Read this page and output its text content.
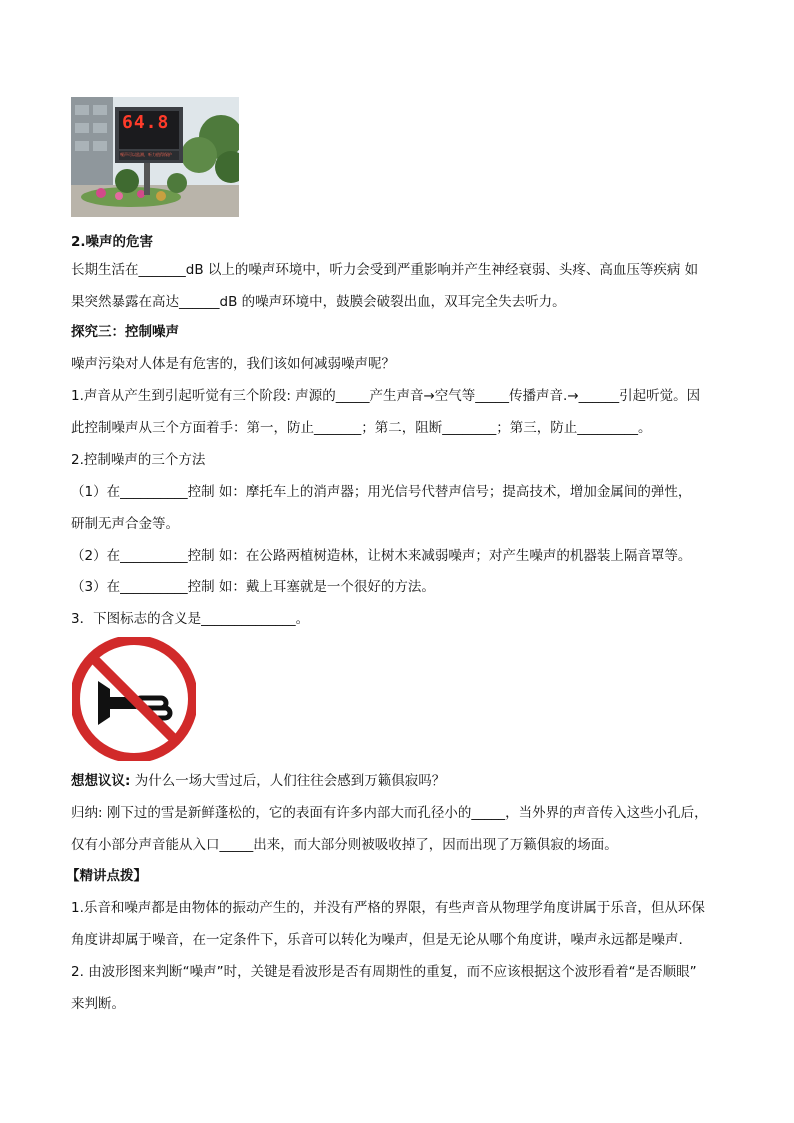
64.8
噪声可以监测，听力值得保护
2.噪声的危害
长期生活在_______dB 以上的噪声环境中，听力会受到严重影响并产生神经衰弱、头疼、高血压等疾病 如
果突然暴露在高达______dB 的噪声环境中，鼓膜会破裂出血，双耳完全失去听力。
探究三：控制噪声
噪声污染对人体是有危害的，我们该如何减弱噪声呢？
1.声音从产生到引起听觉有三个阶段: 声源的_____产生声音→空气等_____传播声音.→______引起听觉。因
此控制噪声从三个方面着手：第一，防止_______；第二，阻断________；第三，防止_________。
2.控制噪声的三个方法
（1）在__________控制 如：摩托车上的消声器；用光信号代替声信号；提高技术，增加金属间的弹性，
研制无声合金等。
（2）在__________控制 如：在公路两植树造林，让树木来减弱噪声；对产生噪声的机器装上隔音罩等。
（3）在__________控制 如：戴上耳塞就是一个很好的方法。
3．下图标志的含义是______________。
想想议议: 为什么一场大雪过后，人们往往会感到万籁俱寂吗？
归纳: 刚下过的雪是新鲜蓬松的，它的表面有许多内部大而孔径小的_____，当外界的声音传入这些小孔后，
仅有小部分声音能从入口_____出来，而大部分则被吸收掉了，因而出现了万籁俱寂的场面。
【精讲点拨】
1.乐音和噪声都是由物体的振动产生的，并没有严格的界限，有些声音从物理学角度讲属于乐音，但从环保
角度讲却属于噪音，在一定条件下，乐音可以转化为噪声，但是无论从哪个角度讲，噪声永远都是噪声.
2. 由波形图来判断“噪声”时，关键是看波形是否有周期性的重复，而不应该根据这个波形看着“是否顺眼”
来判断。
